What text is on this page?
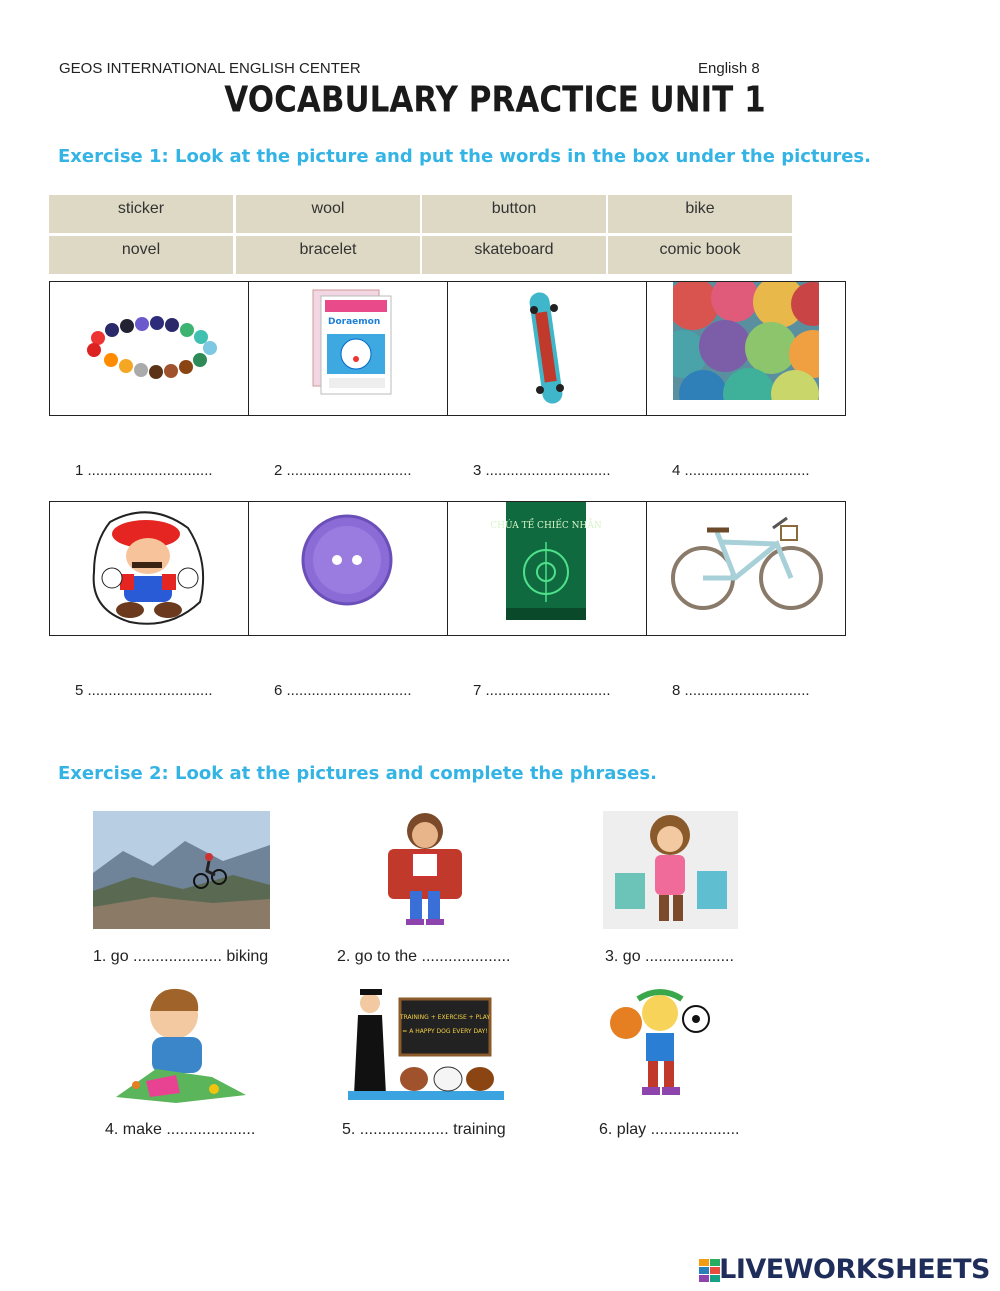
GEOS INTERNATIONAL ENGLISH CENTER	English 8
VOCABULARY PRACTICE UNIT 1
Exercise 1: Look at the picture and put the words in the box under the pictures.
sticker	wool	button	bike
novel	bracelet	skateboard	comic book
Doraemon
1 ..............................	2 ..............................	3 ..............................	4 ..............................
CHÚA TỂ CHIẾC NHẪN
5 ..............................	6 ..............................	7 ..............................	8 ..............................
Exercise 2: Look at the pictures and complete the phrases.
1. go .................... biking	2. go to the ....................	3. go ....................
TRAINING + EXERCISE + PLAY
= A HAPPY DOG EVERY DAY!
4. make ....................	5. .................... training	6. play ....................
LIVEWORKSHEETS
